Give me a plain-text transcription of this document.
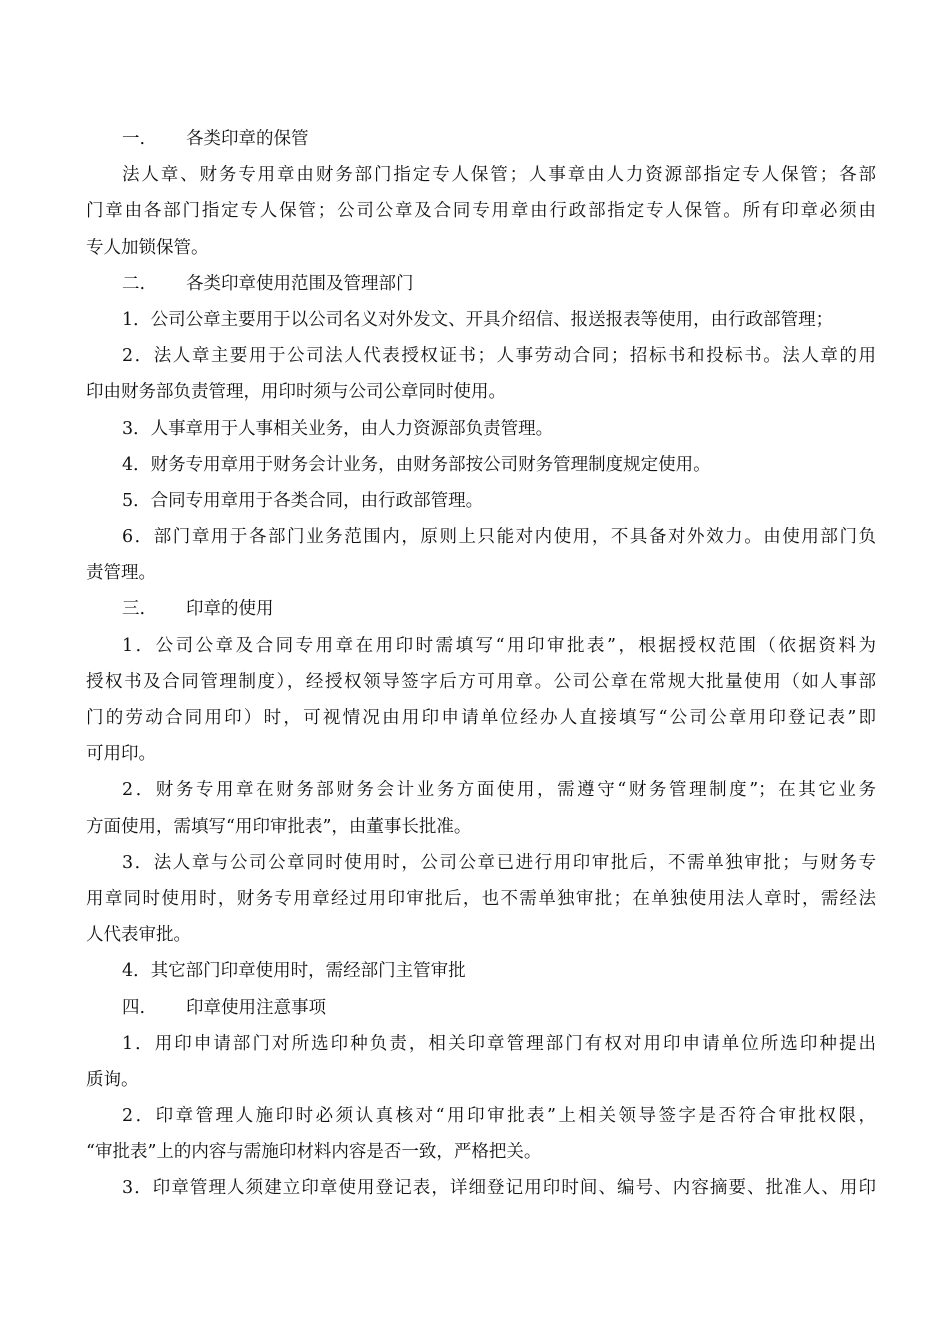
一. 各类印章的保管
法人章、财务专用章由财务部门指定专人保管；人事章由人力资源部指定专人保管；各部
门章由各部门指定专人保管；公司公章及合同专用章由行政部指定专人保管。所有印章必须由
专人加锁保管。
二. 各类印章使用范围及管理部门
1．公司公章主要用于以公司名义对外发文、开具介绍信、报送报表等使用，由行政部管理；
2．法人章主要用于公司法人代表授权证书；人事劳动合同；招标书和投标书。法人章的用
印由财务部负责管理，用印时须与公司公章同时使用。
3．人事章用于人事相关业务，由人力资源部负责管理。
4．财务专用章用于财务会计业务，由财务部按公司财务管理制度规定使用。
5．合同专用章用于各类合同，由行政部管理。
6．部门章用于各部门业务范围内，原则上只能对内使用，不具备对外效力。由使用部门负
责管理。
三. 印章的使用
1．公司公章及合同专用章在用印时需填写“用印审批表”，根据授权范围（依据资料为
授权书及合同管理制度），经授权领导签字后方可用章。公司公章在常规大批量使用（如人事部
门的劳动合同用印）时，可视情况由用印申请单位经办人直接填写“公司公章用印登记表”即
可用印。
2．财务专用章在财务部财务会计业务方面使用，需遵守“财务管理制度”；在其它业务
方面使用，需填写“用印审批表”，由董事长批准。
3．法人章与公司公章同时使用时，公司公章已进行用印审批后，不需单独审批；与财务专
用章同时使用时，财务专用章经过用印审批后，也不需单独审批；在单独使用法人章时，需经法
人代表审批。
4．其它部门印章使用时，需经部门主管审批
四. 印章使用注意事项
1．用印申请部门对所选印种负责，相关印章管理部门有权对用印申请单位所选印种提出
质询。
2．印章管理人施印时必须认真核对“用印审批表”上相关领导签字是否符合审批权限，
“审批表”上的内容与需施印材料内容是否一致，严格把关。
3．印章管理人须建立印章使用登记表，详细登记用印时间、编号、内容摘要、批准人、用印
